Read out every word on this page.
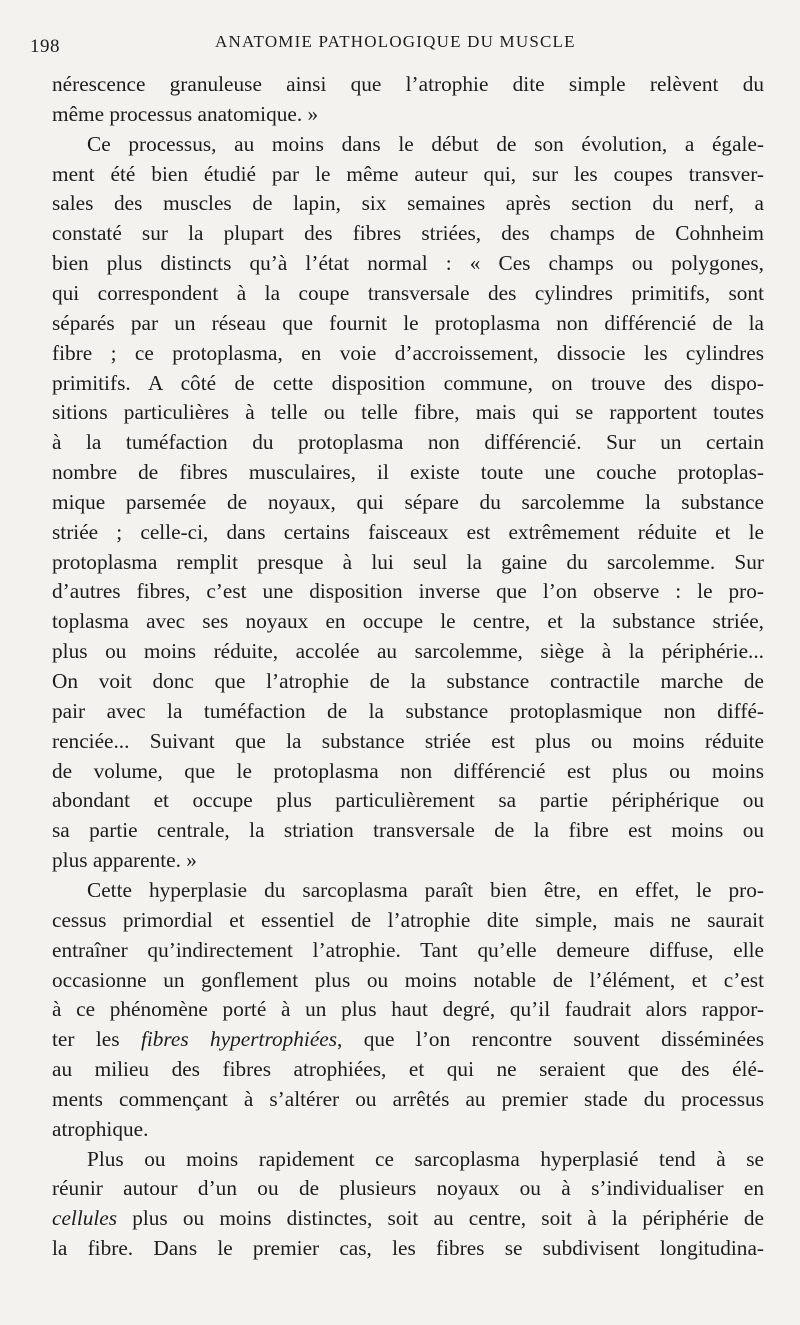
198	ANATOMIE PATHOLOGIQUE DU MUSCLE
nérescence granuleuse ainsi que l’atrophie dite simple relèvent du
même processus anatomique. »
Ce processus, au moins dans le début de son évolution, a égale-
ment été bien étudié par le même auteur qui, sur les coupes transver-
sales des muscles de lapin, six semaines après section du nerf, a
constaté sur la plupart des fibres striées, des champs de Cohnheim
bien plus distincts qu’à l’état normal : « Ces champs ou polygones,
qui correspondent à la coupe transversale des cylindres primitifs, sont
séparés par un réseau que fournit le protoplasma non différencié de la
fibre ; ce protoplasma, en voie d’accroissement, dissocie les cylindres
primitifs. A côté de cette disposition commune, on trouve des dispo-
sitions particulières à telle ou telle fibre, mais qui se rapportent toutes
à la tuméfaction du protoplasma non différencié. Sur un certain
nombre de fibres musculaires, il existe toute une couche protoplas-
mique parsemée de noyaux, qui sépare du sarcolemme la substance
striée ; celle-ci, dans certains faisceaux est extrêmement réduite et le
protoplasma remplit presque à lui seul la gaine du sarcolemme. Sur
d’autres fibres, c’est une disposition inverse que l’on observe : le pro-
toplasma avec ses noyaux en occupe le centre, et la substance striée,
plus ou moins réduite, accolée au sarcolemme, siège à la périphérie...
On voit donc que l’atrophie de la substance contractile marche de
pair avec la tuméfaction de la substance protoplasmique non diffé-
renciée... Suivant que la substance striée est plus ou moins réduite
de volume, que le protoplasma non différencié est plus ou moins
abondant et occupe plus particulièrement sa partie périphérique ou
sa partie centrale, la striation transversale de la fibre est moins ou
plus apparente. »
Cette hyperplasie du sarcoplasma paraît bien être, en effet, le pro-
cessus primordial et essentiel de l’atrophie dite simple, mais ne saurait
entraîner qu’indirectement l’atrophie. Tant qu’elle demeure diffuse, elle
occasionne un gonflement plus ou moins notable de l’élément, et c’est
à ce phénomène porté à un plus haut degré, qu’il faudrait alors rappor-
ter les fibres hypertrophiées, que l’on rencontre souvent disséminées
au milieu des fibres atrophiées, et qui ne seraient que des élé-
ments commençant à s’altérer ou arrêtés au premier stade du processus
atrophique.
Plus ou moins rapidement ce sarcoplasma hyperplasié tend à se
réunir autour d’un ou de plusieurs noyaux ou à s’individualiser en
cellules plus ou moins distinctes, soit au centre, soit à la périphérie de
la fibre. Dans le premier cas, les fibres se subdivisent longitudina-
